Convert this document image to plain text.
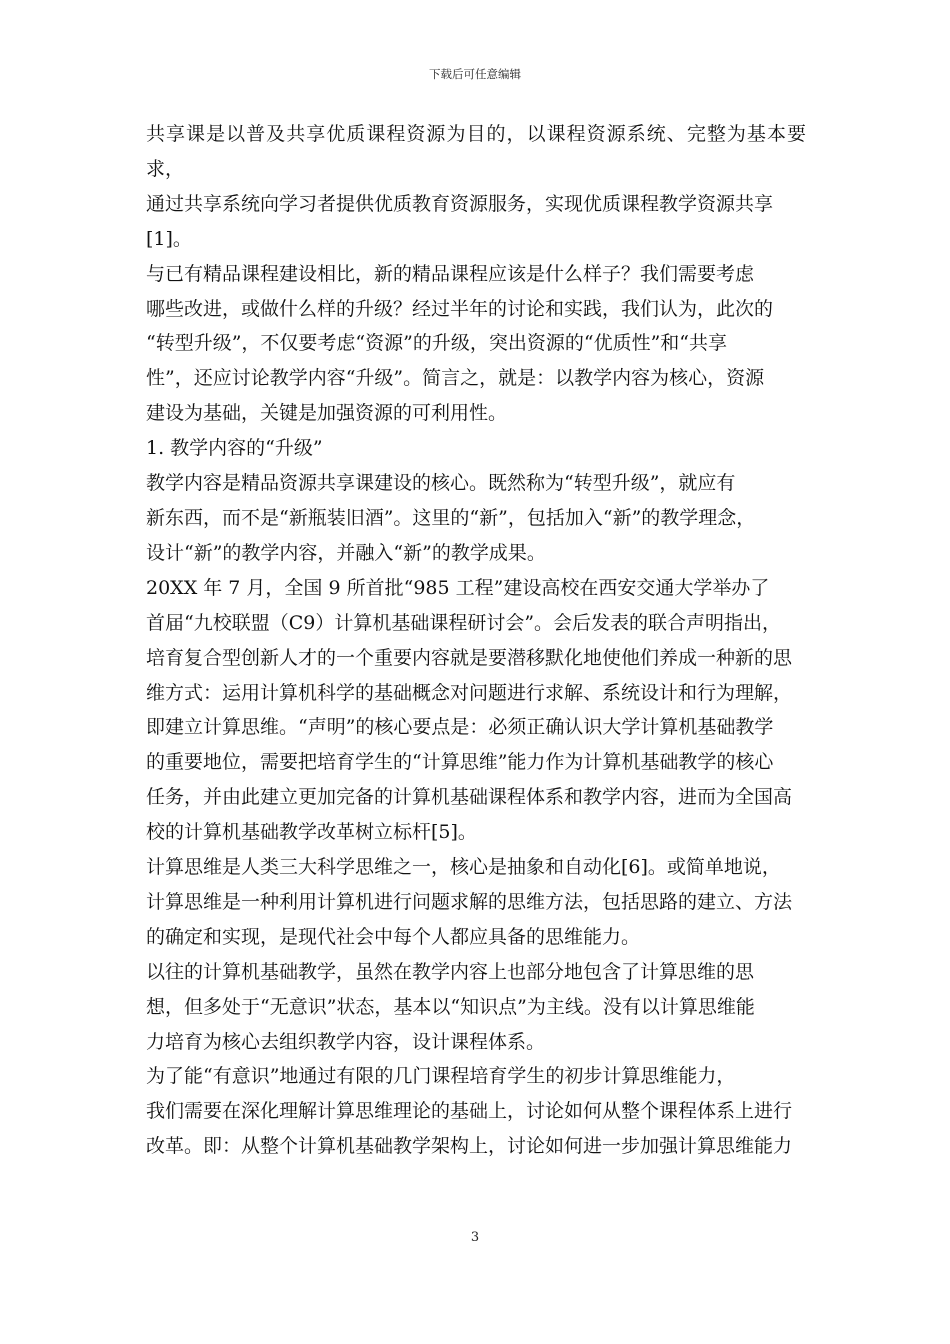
下载后可任意编辑

共享课是以普及共享优质课程资源为目的，以课程资源系统、完整为基本要求，
通过共享系统向学习者提供优质教育资源服务，实现优质课程教学资源共享
[1]。

与已有精品课程建设相比，新的精品课程应该是什么样子？我们需要考虑
哪些改进，或做什么样的升级？经过半年的讨论和实践，我们认为，此次的
“转型升级”，不仅要考虑“资源”的升级，突出资源的“优质性”和“共享
性”，还应讨论教学内容“升级”。简言之，就是：以教学内容为核心，资源
建设为基础，关键是加强资源的可利用性。

1. 教学内容的“升级”

教学内容是精品资源共享课建设的核心。既然称为“转型升级”，就应有
新东西，而不是“新瓶装旧酒”。这里的“新”，包括加入“新”的教学理念，
设计“新”的教学内容，并融入“新”的教学成果。

20XX 年 7 月，全国 9 所首批“985 工程”建设高校在西安交通大学举办了
首届“九校联盟（C9）计算机基础课程研讨会”。会后发表的联合声明指出，
培育复合型创新人才的一个重要内容就是要潜移默化地使他们养成一种新的思
维方式：运用计算机科学的基础概念对问题进行求解、系统设计和行为理解，
即建立计算思维。“声明”的核心要点是：必须正确认识大学计算机基础教学
的重要地位，需要把培育学生的“计算思维”能力作为计算机基础教学的核心
任务，并由此建立更加完备的计算机基础课程体系和教学内容，进而为全国高
校的计算机基础教学改革树立标杆[5]。

计算思维是人类三大科学思维之一，核心是抽象和自动化[6]。或简单地说，
计算思维是一种利用计算机进行问题求解的思维方法，包括思路的建立、方法
的确定和实现，是现代社会中每个人都应具备的思维能力。

以往的计算机基础教学，虽然在教学内容上也部分地包含了计算思维的思
想，但多处于“无意识”状态，基本以“知识点”为主线。没有以计算思维能
力培育为核心去组织教学内容，设计课程体系。

为了能“有意识”地通过有限的几门课程培育学生的初步计算思维能力，
我们需要在深化理解计算思维理论的基础上，讨论如何从整个课程体系上进行
改革。即：从整个计算机基础教学架构上，讨论如何进一步加强计算思维能力

3
